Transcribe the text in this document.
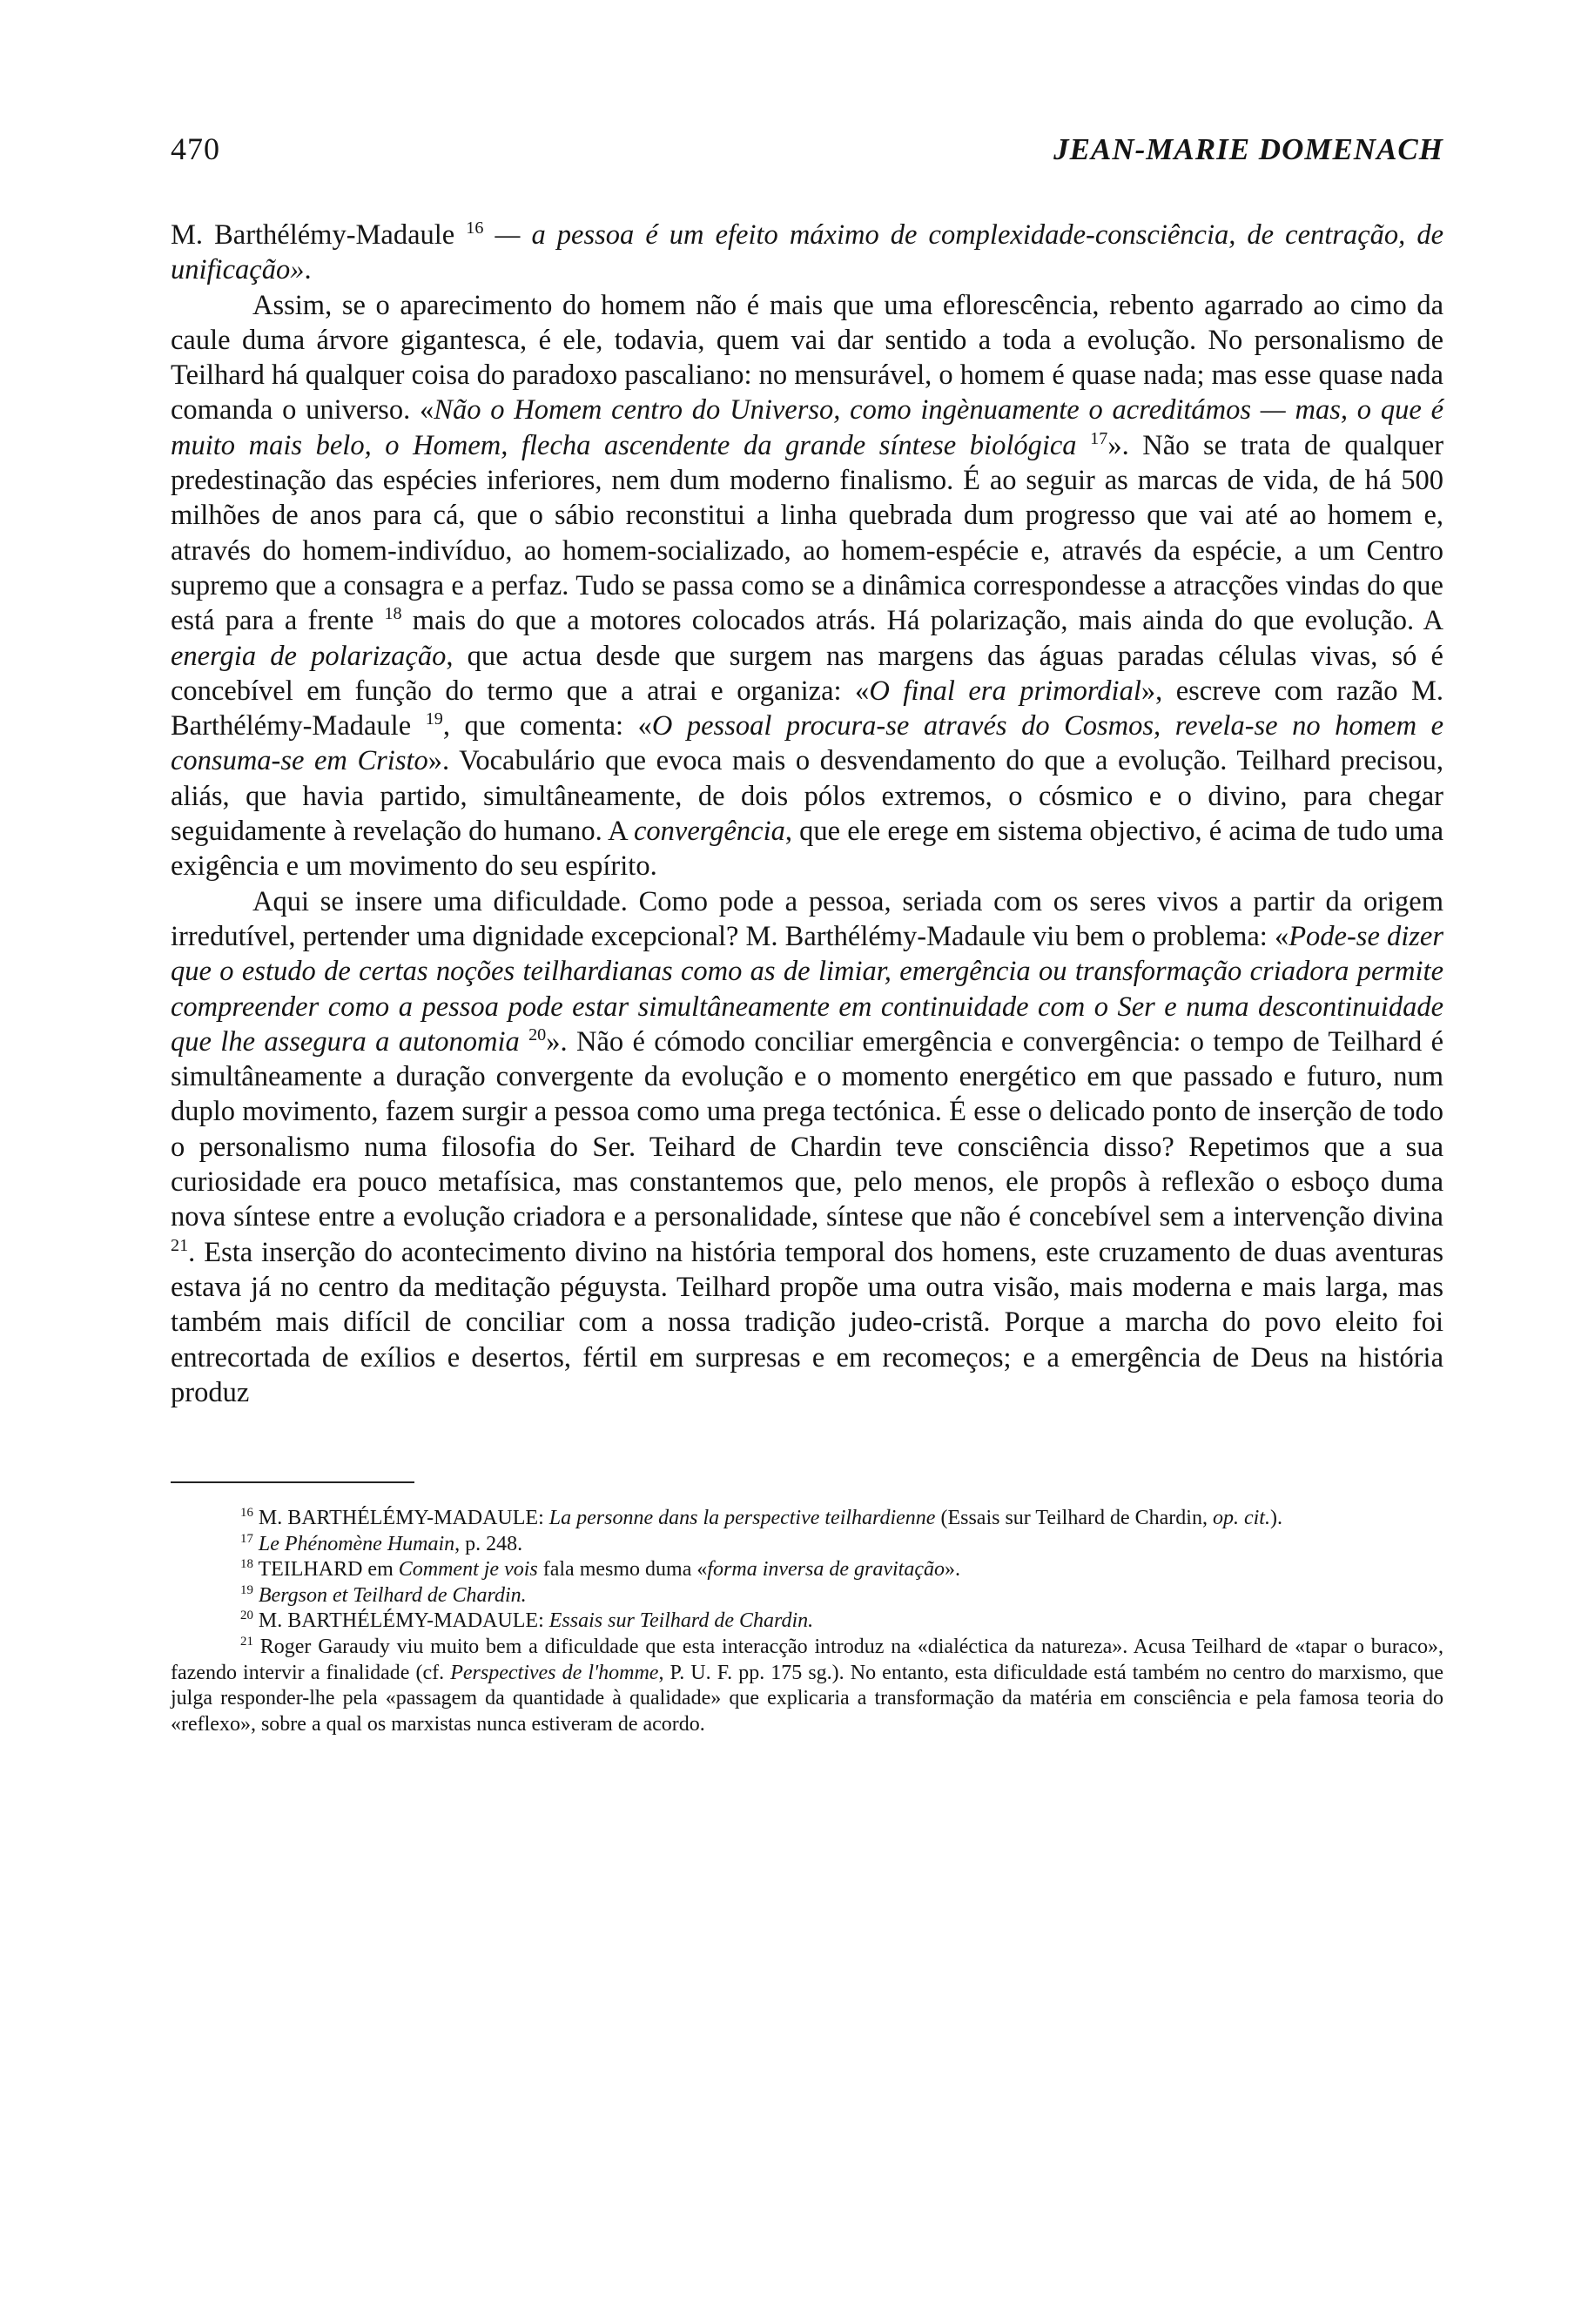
470	JEAN-MARIE DOMENACH

M. Barthélémy-Madaule $^{16}$ — a pessoa é um efeito máximo de complexidade-consciência, de centração, de unificação».

Assim, se o aparecimento do homem não é mais que uma eflorescência, rebento agarrado ao cimo da caule duma árvore gigantesca, é ele, todavia, quem vai dar sentido a toda a evolução. No personalismo de Teilhard há qualquer coisa do paradoxo pascaliano: no mensurável, o homem é quase nada; mas esse quase nada comanda o universo. «Não o Homem centro do Universo, como ingènuamente o acreditámos — mas, o que é muito mais belo, o Homem, flecha ascendente da grande síntese biológica $^{17}$». Não se trata de qualquer predestinação das espécies inferiores, nem dum moderno finalismo. É ao seguir as marcas de vida, de há 500 milhões de anos para cá, que o sábio reconstitui a linha quebrada dum progresso que vai até ao homem e, através do homem-indivíduo, ao homem-socializado, ao homem-espécie e, através da espécie, a um Centro supremo que a consagra e a perfaz. Tudo se passa como se a dinâmica correspondesse a atracções vindas do que está para a frente $^{18}$ mais do que a motores colocados atrás. Há polarização, mais ainda do que evolução. A energia de polarização, que actua desde que surgem nas margens das águas paradas células vivas, só é concebível em função do termo que a atrai e organiza: «O final era primordial», escreve com razão M. Barthélémy-Madaule $^{19}$, que comenta: «O pessoal procura-se através do Cosmos, revela-se no homem e consuma-se em Cristo». Vocabulário que evoca mais o desvendamento do que a evolução. Teilhard precisou, aliás, que havia partido, simultâneamente, de dois pólos extremos, o cósmico e o divino, para chegar seguidamente à revelação do humano. A convergência, que ele erege em sistema objectivo, é acima de tudo uma exigência e um movimento do seu espírito.

Aqui se insere uma dificuldade. Como pode a pessoa, seriada com os seres vivos a partir da origem irredutível, pertender uma dignidade excepcional? M. Barthélémy-Madaule viu bem o problema: «Pode-se dizer que o estudo de certas noções teilhardianas como as de limiar, emergência ou transformação criadora permite compreender como a pessoa pode estar simultâneamente em continuidade com o Ser e numa descontinuidade que lhe assegura a autonomia $^{20}$». Não é cómodo conciliar emergência e convergência: o tempo de Teilhard é simultâneamente a duração convergente da evolução e o momento energético em que passado e futuro, num duplo movimento, fazem surgir a pessoa como uma prega tectónica. É esse o delicado ponto de inserção de todo o personalismo numa filosofia do Ser. Teihard de Chardin teve consciência disso? Repetimos que a sua curiosidade era pouco metafísica, mas constantemos que, pelo menos, ele propôs à reflexão o esboço duma nova síntese entre a evolução criadora e a personalidade, síntese que não é concebível sem a intervenção divina $^{21}$. Esta inserção do acontecimento divino na história temporal dos homens, este cruzamento de duas aventuras estava já no centro da meditação péguysta. Teilhard propõe uma outra visão, mais moderna e mais larga, mas também mais difícil de conciliar com a nossa tradição judeo-cristã. Porque a marcha do povo eleito foi entrecortada de exílios e desertos, fértil em surpresas e em recomeços; e a emergência de Deus na história produz

$^{16}$ M. BARTHÉLÉMY-MADAULE: La personne dans la perspective teilhardienne (Essais sur Teilhard de Chardin, op. cit.).

$^{17}$ Le Phénomène Humain, p. 248.

$^{18}$ TEILHARD em Comment je vois fala mesmo duma «forma inversa de gravitação».

$^{19}$ Bergson et Teilhard de Chardin.

$^{20}$ M. BARTHÉLÉMY-MADAULE: Essais sur Teilhard de Chardin.

$^{21}$ Roger Garaudy viu muito bem a dificuldade que esta interacção introduz na «dialéctica da natureza». Acusa Teilhard de «tapar o buraco», fazendo intervir a finalidade (cf. Perspectives de l'homme, P. U. F. pp. 175 sg.). No entanto, esta dificuldade está também no centro do marxismo, que julga responder-lhe pela «passagem da quantidade à qualidade» que explicaria a transformação da matéria em consciência e pela famosa teoria do «reflexo», sobre a qual os marxistas nunca estiveram de acordo.
